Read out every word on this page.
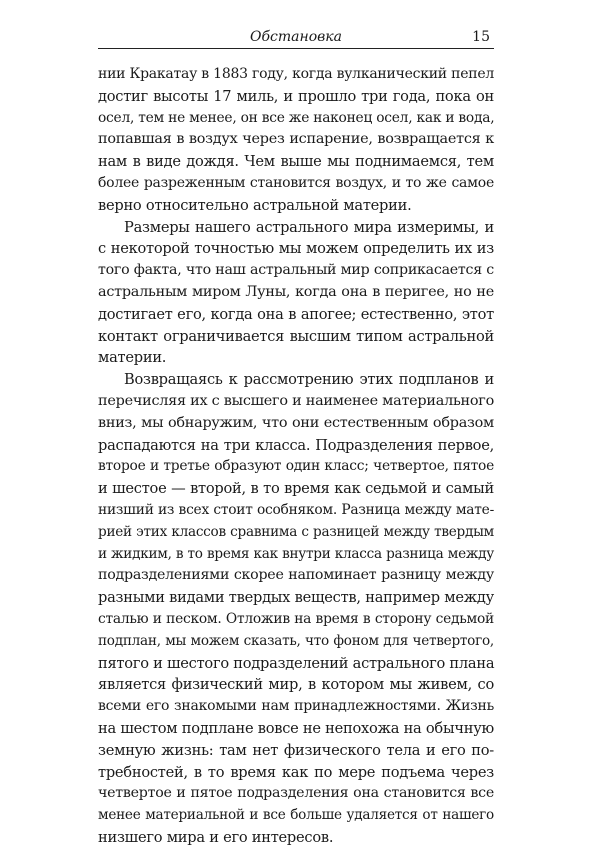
Обстановка	15
нии Кракатау в 1883 году, когда вулканический пепел
достиг высоты 17 миль, и прошло три года, пока он
осел, тем не менее, он все же наконец осел, как и вода,
попавшая в воздух через испарение, возвращается к
нам в виде дождя. Чем выше мы поднимаемся, тем
более разреженным становится воздух, и то же самое
верно относительно астральной материи.
Размеры нашего астрального мира измеримы, и
с некоторой точностью мы можем определить их из
того факта, что наш астральный мир соприкасается с
астральным миром Луны, когда она в перигее, но не
достигает его, когда она в апогее; естественно, этот
контакт ограничивается высшим типом астральной
материи.
Возвращаясь к рассмотрению этих подпланов и
перечисляя их с высшего и наименее материального
вниз, мы обнаружим, что они естественным образом
распадаются на три класса. Подразделения первое,
второе и третье образуют один класс; четвертое, пятое
и шестое — второй, в то время как седьмой и самый
низший из всех стоит особняком. Разница между мате-
рией этих классов сравнима с разницей между твердым
и жидким, в то время как внутри класса разница между
подразделениями скорее напоминает разницу между
разными видами твердых веществ, например между
сталью и песком. Отложив на время в сторону седьмой
подплан, мы можем сказать, что фоном для четвертого,
пятого и шестого подразделений астрального плана
является физический мир, в котором мы живем, со
всеми его знакомыми нам принадлежностями. Жизнь
на шестом подплане вовсе не непохожа на обычную
земную жизнь: там нет физического тела и его по-
требностей, в то время как по мере подъема через
четвертое и пятое подразделения она становится все
менее материальной и все больше удаляется от нашего
низшего мира и его интересов.
